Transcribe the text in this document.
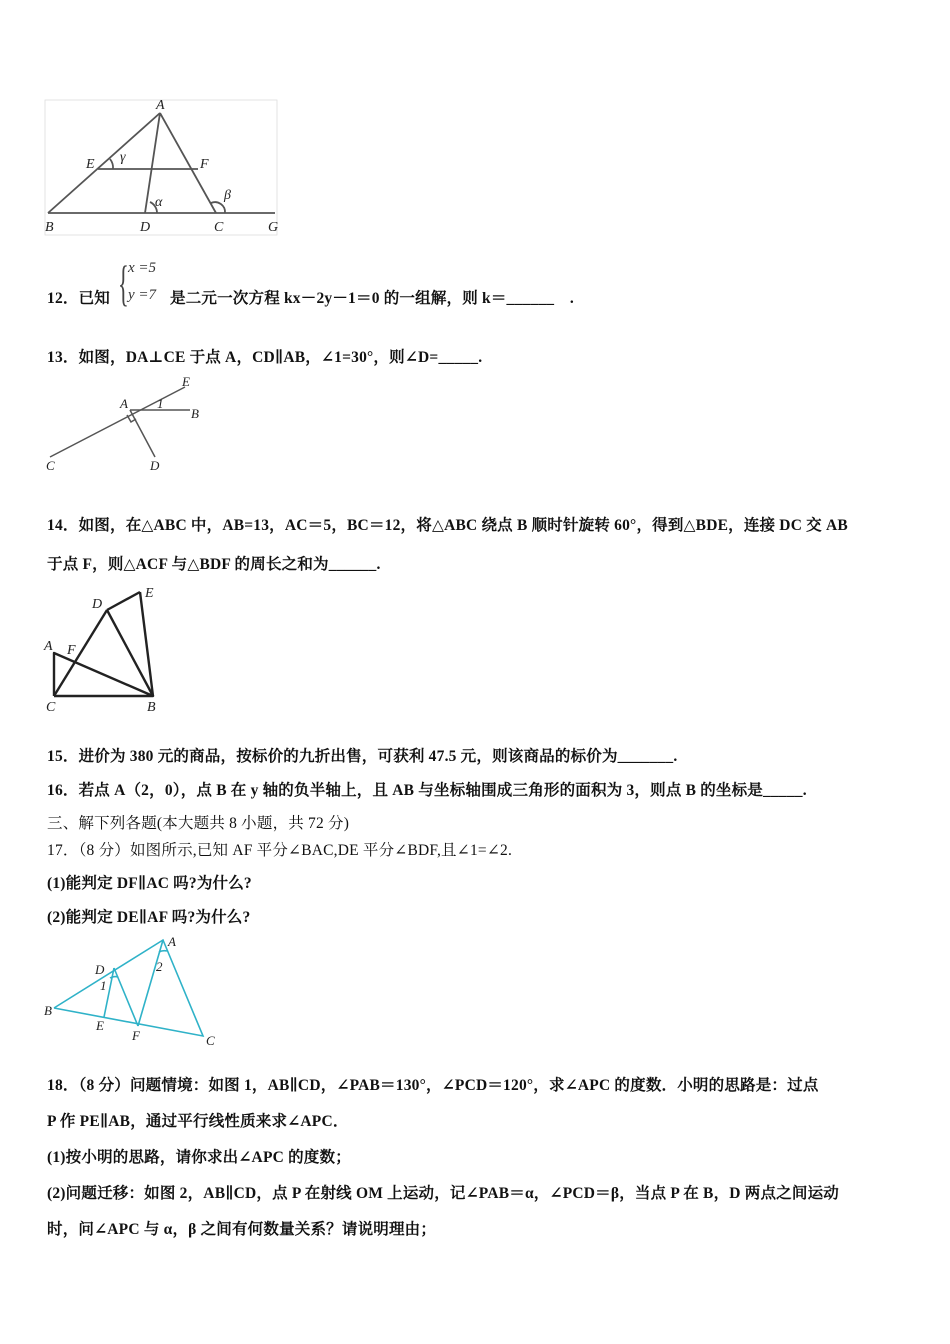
A
E	F
B	D	C	G
γ
α	β
12．已知 { x =5
y =7 是二元一次方程 kx－2y－1＝0 的一组解，则 k＝______　.
13．如图，DA⊥CE 于点 A，CD∥AB，∠1=30°，则∠D=_____.
E
A 1
B
C	D
14．如图，在△ABC 中，AB=13，AC＝5，BC＝12，将△ABC 绕点 B 顺时针旋转 60°，得到△BDE，连接 DC 交 AB
于点 F，则△ACF 与△BDF 的周长之和为______.
D
E
A F
C	B
15．进价为 380 元的商品，按标价的九折出售，可获利 47.5 元，则该商品的标价为_______.
16．若点 A（2，0），点 B 在 y 轴的负半轴上，且 AB 与坐标轴围成三角形的面积为 3，则点 B 的坐标是_____.
三、解下列各题(本大题共 8 小题，共 72 分)
17．（8 分）如图所示,已知 AF 平分∠BAC,DE 平分∠BDF,且∠1=∠2.
(1)能判定 DF∥AC 吗?为什么?
(2)能判定 DE∥AF 吗?为什么?
A
D
1
2
B
E
F	C
18．（8 分）问题情境：如图 1，AB∥CD，∠PAB＝130°，∠PCD＝120°，求∠APC 的度数．小明的思路是：过点
P 作 PE∥AB，通过平行线性质来求∠APC．
(1)按小明的思路，请你求出∠APC 的度数；
(2)问题迁移：如图 2，AB∥CD，点 P 在射线 OM 上运动，记∠PAB＝α，∠PCD＝β，当点 P 在 B，D 两点之间运动
时，问∠APC 与 α，β 之间有何数量关系？请说明理由；
